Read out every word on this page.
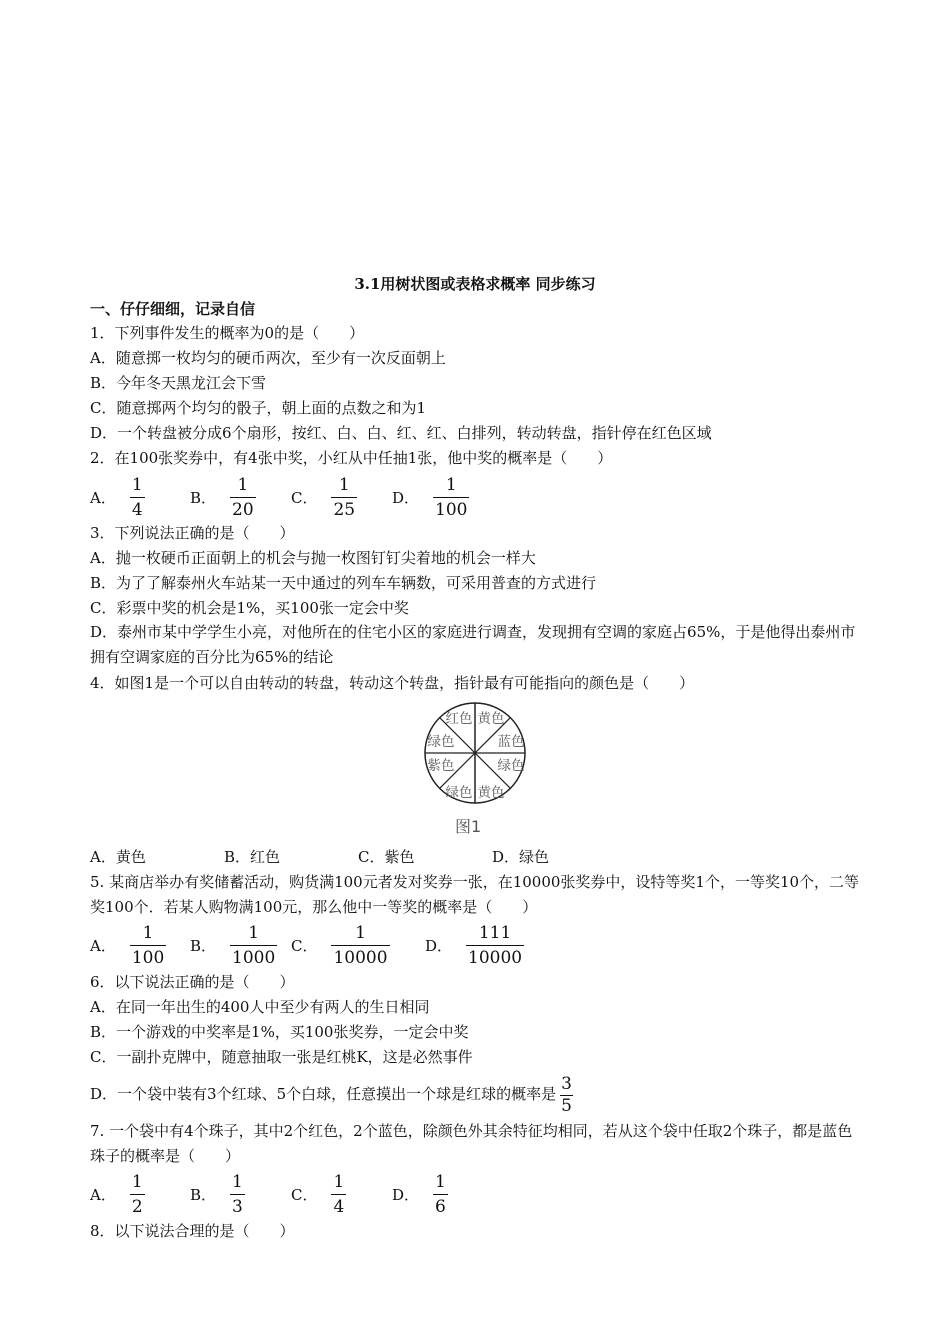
3.1用树状图或表格求概率 同步练习
一、仔仔细细，记录自信
1．下列事件发生的概率为0的是（　　）
A．随意掷一枚均匀的硬币两次，至少有一次反面朝上
B．今年冬天黑龙江会下雪
C．随意掷两个均匀的骰子，朝上面的点数之和为1
D．一个转盘被分成6个扇形，按红、白、白、红、红、白排列，转动转盘，指针停在红色区域
2．在100张奖券中，有4张中奖，小红从中任抽1张，他中奖的概率是（　　）
A． $\frac{1}{4}$	B． $\frac{1}{20}$ C． $\frac{1}{25}$ D． $\frac{1}{100}$
3．下列说法正确的是（　　）
A．抛一枚硬币正面朝上的机会与抛一枚图钉钉尖着地的机会一样大
B．为了了解泰州火车站某一天中通过的列车车辆数，可采用普查的方式进行
C．彩票中奖的机会是1%，买100张一定会中奖
D．泰州市某中学学生小亮，对他所在的住宅小区的家庭进行调查，发现拥有空调的家庭占65%，于是他得出泰州市拥有空调家庭的百分比为65%的结论
4．如图1是一个可以自由转动的转盘，转动这个转盘，指针最有可能指向的颜色是（　　）
红色 黄色
蓝色
绿色
黄色
绿色
紫色
绿色
图1
A．黄色	B．红色	C．紫色	D．绿色
5. 某商店举办有奖储蓄活动，购货满100元者发对奖券一张，在10000张奖券中，设特等奖1个，一等奖10个，二等奖100个．若某人购物满100元，那么他中一等奖的概率是（　　）
A． $\frac{1}{100}$ B． $\frac{1}{1000}$ C． $\frac{1}{10000}$ D． $\frac{111}{10000}$
6．以下说法正确的是（　　）
A．在同一年出生的400人中至少有两人的生日相同
B．一个游戏的中奖率是1%，买100张奖券，一定会中奖
C．一副扑克牌中，随意抽取一张是红桃K，这是必然事件
D．一个袋中装有3个红球、5个白球，任意摸出一个球是红球的概率是 $\frac{3}{5}$
7. 一个袋中有4个珠子，其中2个红色，2个蓝色，除颜色外其余特征均相同，若从这个袋中任取2个珠子，都是蓝色珠子的概率是（　　）
A． $\frac{1}{2}$	B． $\frac{1}{3}$	C． $\frac{1}{4}$	D． $\frac{1}{6}$
8．以下说法合理的是（　　）
